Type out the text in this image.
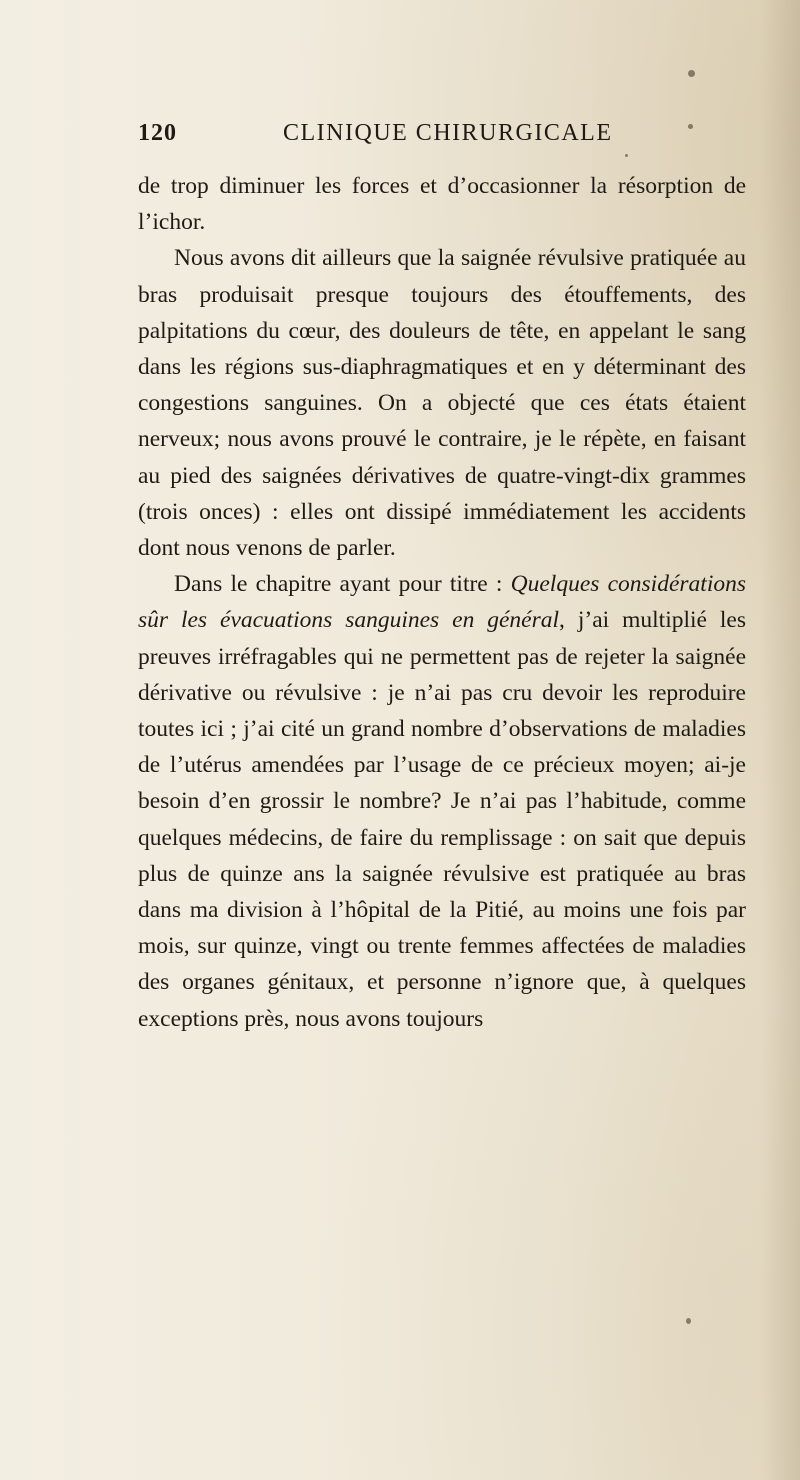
120	CLINIQUE CHIRURGICALE

de trop diminuer les forces et d’occasionner la résorption de l’ichor.

Nous avons dit ailleurs que la saignée révulsive pratiquée au bras produisait presque toujours des étouffements, des palpitations du cœur, des douleurs de tête, en appelant le sang dans les régions sus-diaphragmatiques et en y déterminant des congestions sanguines. On a objecté que ces états étaient nerveux; nous avons prouvé le contraire, je le répète, en faisant au pied des saignées dérivatives de quatre-vingt-dix grammes (trois onces) : elles ont dissipé immédiatement les accidents dont nous venons de parler.

Dans le chapitre ayant pour titre : Quelques considérations sûr les évacuations sanguines en général, j’ai multiplié les preuves irréfragables qui ne permettent pas de rejeter la saignée dérivative ou révulsive : je n’ai pas cru devoir les reproduire toutes ici ; j’ai cité un grand nombre d’observations de maladies de l’utérus amendées par l’usage de ce précieux moyen; ai-je besoin d’en grossir le nombre? Je n’ai pas l’habitude, comme quelques médecins, de faire du remplissage : on sait que depuis plus de quinze ans la saignée révulsive est pratiquée au bras dans ma division à l’hôpital de la Pitié, au moins une fois par mois, sur quinze, vingt ou trente femmes affectées de maladies des organes génitaux, et personne n’ignore que, à quelques exceptions près, nous avons toujours
